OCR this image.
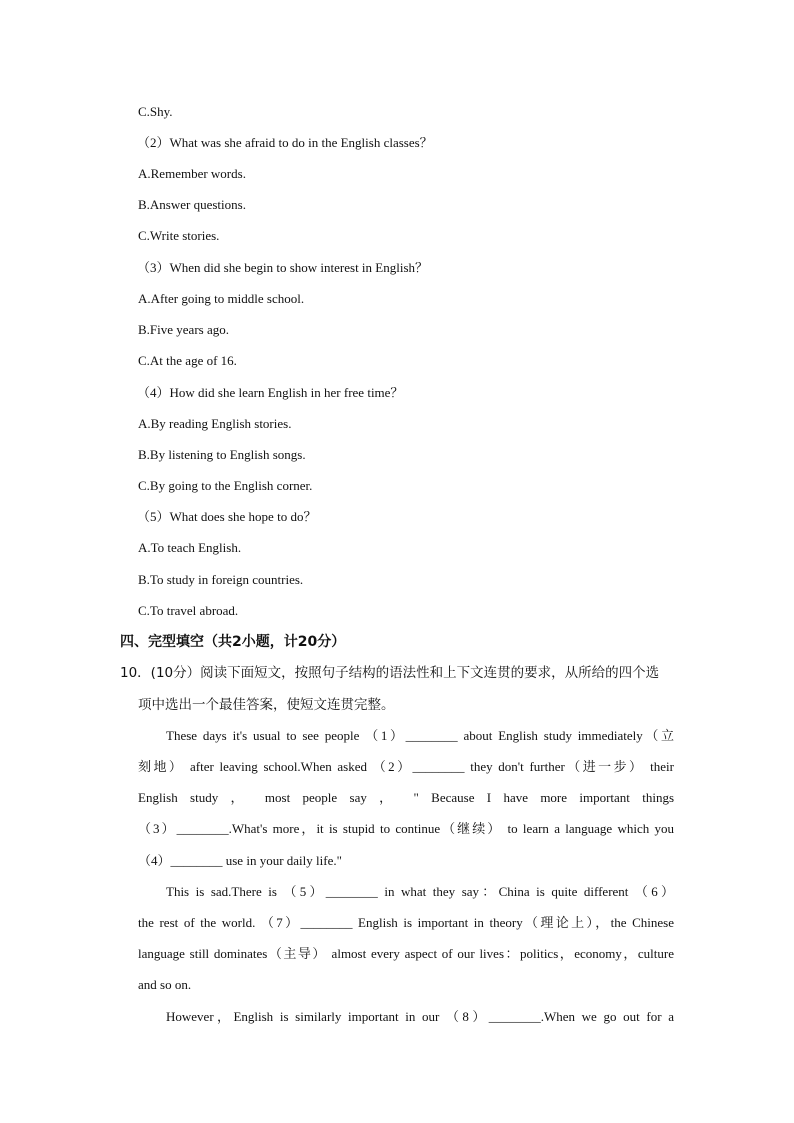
C.Shy.
（2）What was she afraid to do in the English classes？
A.Remember words.
B.Answer questions.
C.Write stories.
（3）When did she begin to show interest in English？
A.After going to middle school.
B.Five years ago.
C.At the age of 16.
（4）How did she learn English in her free time？
A.By reading English stories.
B.By listening to English songs.
C.By going to the English corner.
（5）What does she hope to do？
A.To teach English.
B.To study in foreign countries.
C.To travel abroad.
四、完型填空（共2小题，计20分）
10．(10分）阅读下面短文，按照句子结构的语法性和上下文连贯的要求，从所给的四个选
项中选出一个最佳答案，使短文连贯完整。
These days it's usual to see people （1）________ about English study immediately（立
刻地） after leaving school.When asked （2）________ they don't further（进一步） their
English study ， most people say ， " Because I have more important things
（3）________.What's more，it is stupid to continue（继续） to learn a language which you
（4）________ use in your daily life."
This is sad.There is （5）________ in what they say：China is quite different （6）
the rest of the world. （7）________ English is important in theory（理论上），the Chinese
language still dominates（主导） almost every aspect of our lives：politics，economy，culture
and so on.
However，English is similarly important in our （8）________.When we go out for a
